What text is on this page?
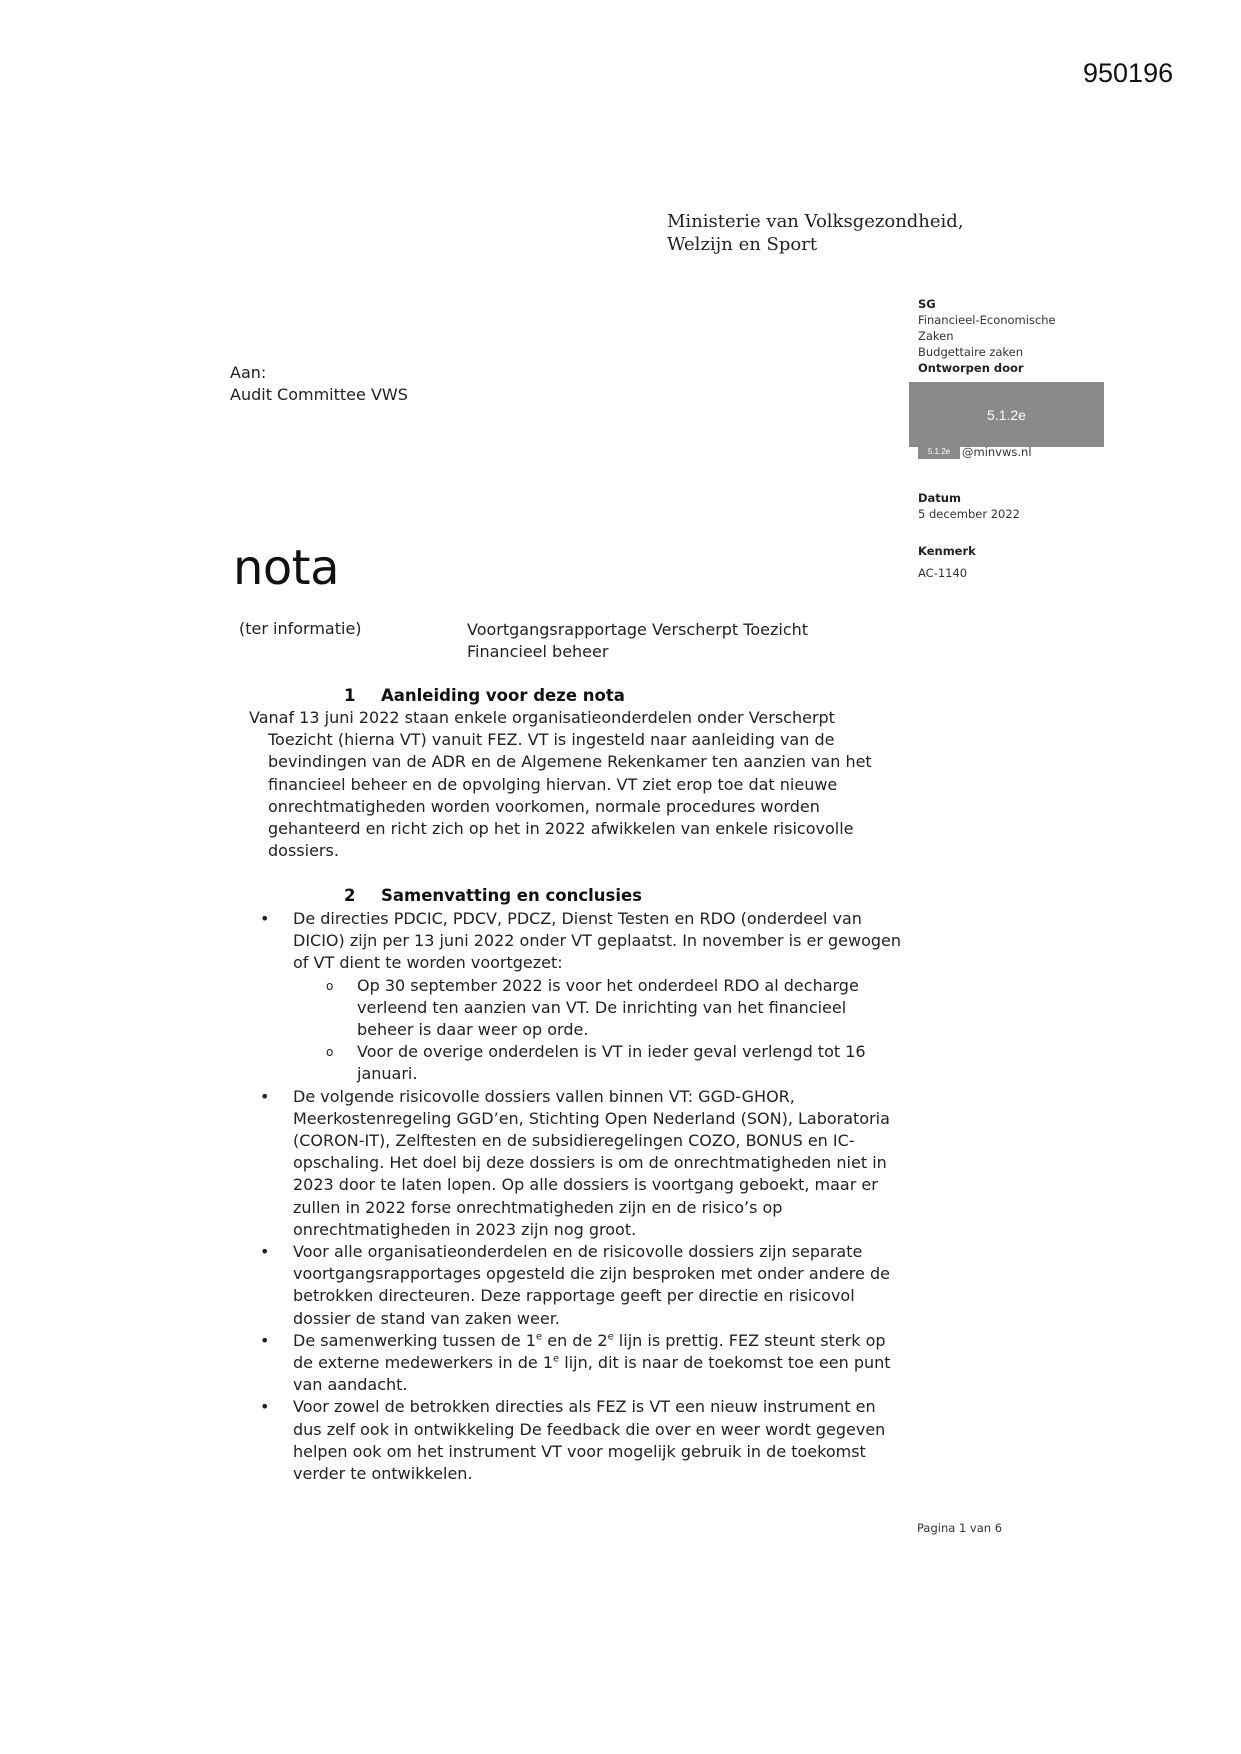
950196
Ministerie van Volksgezondheid,
Welzijn en Sport
SG
Financieel-Economische
Zaken
Budgettaire zaken
Ontworpen door
5.1.2e
5.1.2e	@minvws.nl
Datum
5 december 2022
Kenmerk
AC-1140
Aan:
Audit Committee VWS
nota
(ter informatie)	Voortgangsrapportage Verscherpt Toezicht
Financieel beheer
1 Aanleiding voor deze nota
Vanaf 13 juni 2022 staan enkele organisatieonderdelen onder Verscherpt
Toezicht (hierna VT) vanuit FEZ. VT is ingesteld naar aanleiding van de bevindingen van de ADR en de Algemene Rekenkamer ten aanzien van het financieel beheer en de opvolging hiervan. VT ziet erop toe dat nieuwe onrechtmatigheden worden voorkomen, normale procedures worden gehanteerd en richt zich op het in 2022 afwikkelen van enkele risicovolle dossiers.
2 Samenvatting en conclusies
• De directies PDCIC, PDCV, PDCZ, Dienst Testen en RDO (onderdeel van DICIO) zijn per 13 juni 2022 onder VT geplaatst. In november is er gewogen of VT dient te worden voortgezet:
o Op 30 september 2022 is voor het onderdeel RDO al decharge verleend ten aanzien van VT. De inrichting van het financieel beheer is daar weer op orde.
o Voor de overige onderdelen is VT in ieder geval verlengd tot 16 januari.
• De volgende risicovolle dossiers vallen binnen VT: GGD-GHOR, Meerkostenregeling GGD’en, Stichting Open Nederland (SON), Laboratoria (CORON-IT), Zelftesten en de subsidieregelingen COZO, BONUS en IC-opschaling. Het doel bij deze dossiers is om de onrechtmatigheden niet in 2023 door te laten lopen. Op alle dossiers is voortgang geboekt, maar er zullen in 2022 forse onrechtmatigheden zijn en de risico’s op onrechtmatigheden in 2023 zijn nog groot.
• Voor alle organisatieonderdelen en de risicovolle dossiers zijn separate voortgangsrapportages opgesteld die zijn besproken met onder andere de betrokken directeuren. Deze rapportage geeft per directie en risicovol dossier de stand van zaken weer.
• De samenwerking tussen de 1e en de 2e lijn is prettig. FEZ steunt sterk op de externe medewerkers in de 1e lijn, dit is naar de toekomst toe een punt van aandacht.
• Voor zowel de betrokken directies als FEZ is VT een nieuw instrument en dus zelf ook in ontwikkeling De feedback die over en weer wordt gegeven helpen ook om het instrument VT voor mogelijk gebruik in de toekomst verder te ontwikkelen.
Pagina 1 van 6
